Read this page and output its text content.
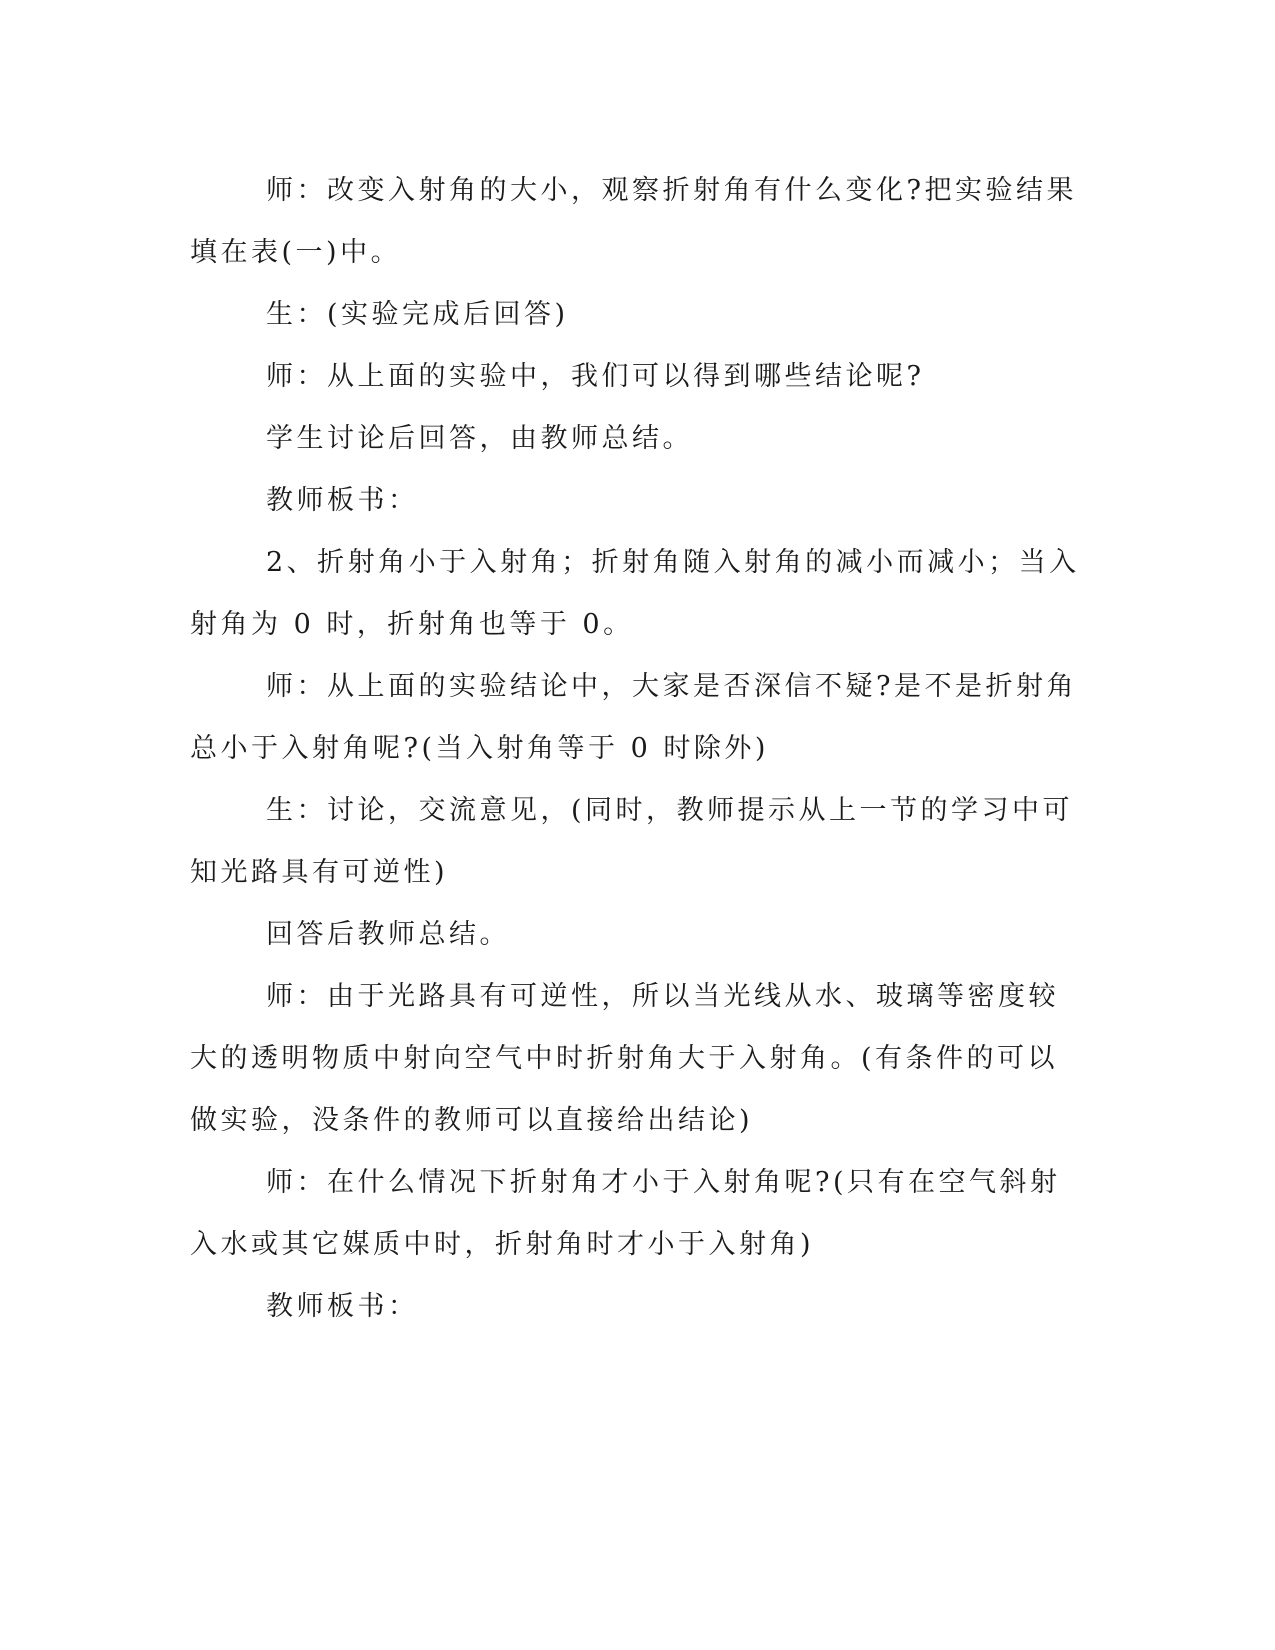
师：改变入射角的大小，观察折射角有什么变化?把实验结果填在表(一)中。

生：(实验完成后回答)

师：从上面的实验中，我们可以得到哪些结论呢?

学生讨论后回答，由教师总结。

教师板书：

2、折射角小于入射角；折射角随入射角的减小而减小；当入射角为 0 时，折射角也等于 0。

师：从上面的实验结论中，大家是否深信不疑?是不是折射角总小于入射角呢?(当入射角等于 0 时除外)

生：讨论，交流意见，(同时，教师提示从上一节的学习中可知光路具有可逆性)

回答后教师总结。

师：由于光路具有可逆性，所以当光线从水、玻璃等密度较大的透明物质中射向空气中时折射角大于入射角。(有条件的可以做实验，没条件的教师可以直接给出结论)

师：在什么情况下折射角才小于入射角呢?(只有在空气斜射入水或其它媒质中时，折射角时才小于入射角)

教师板书：
